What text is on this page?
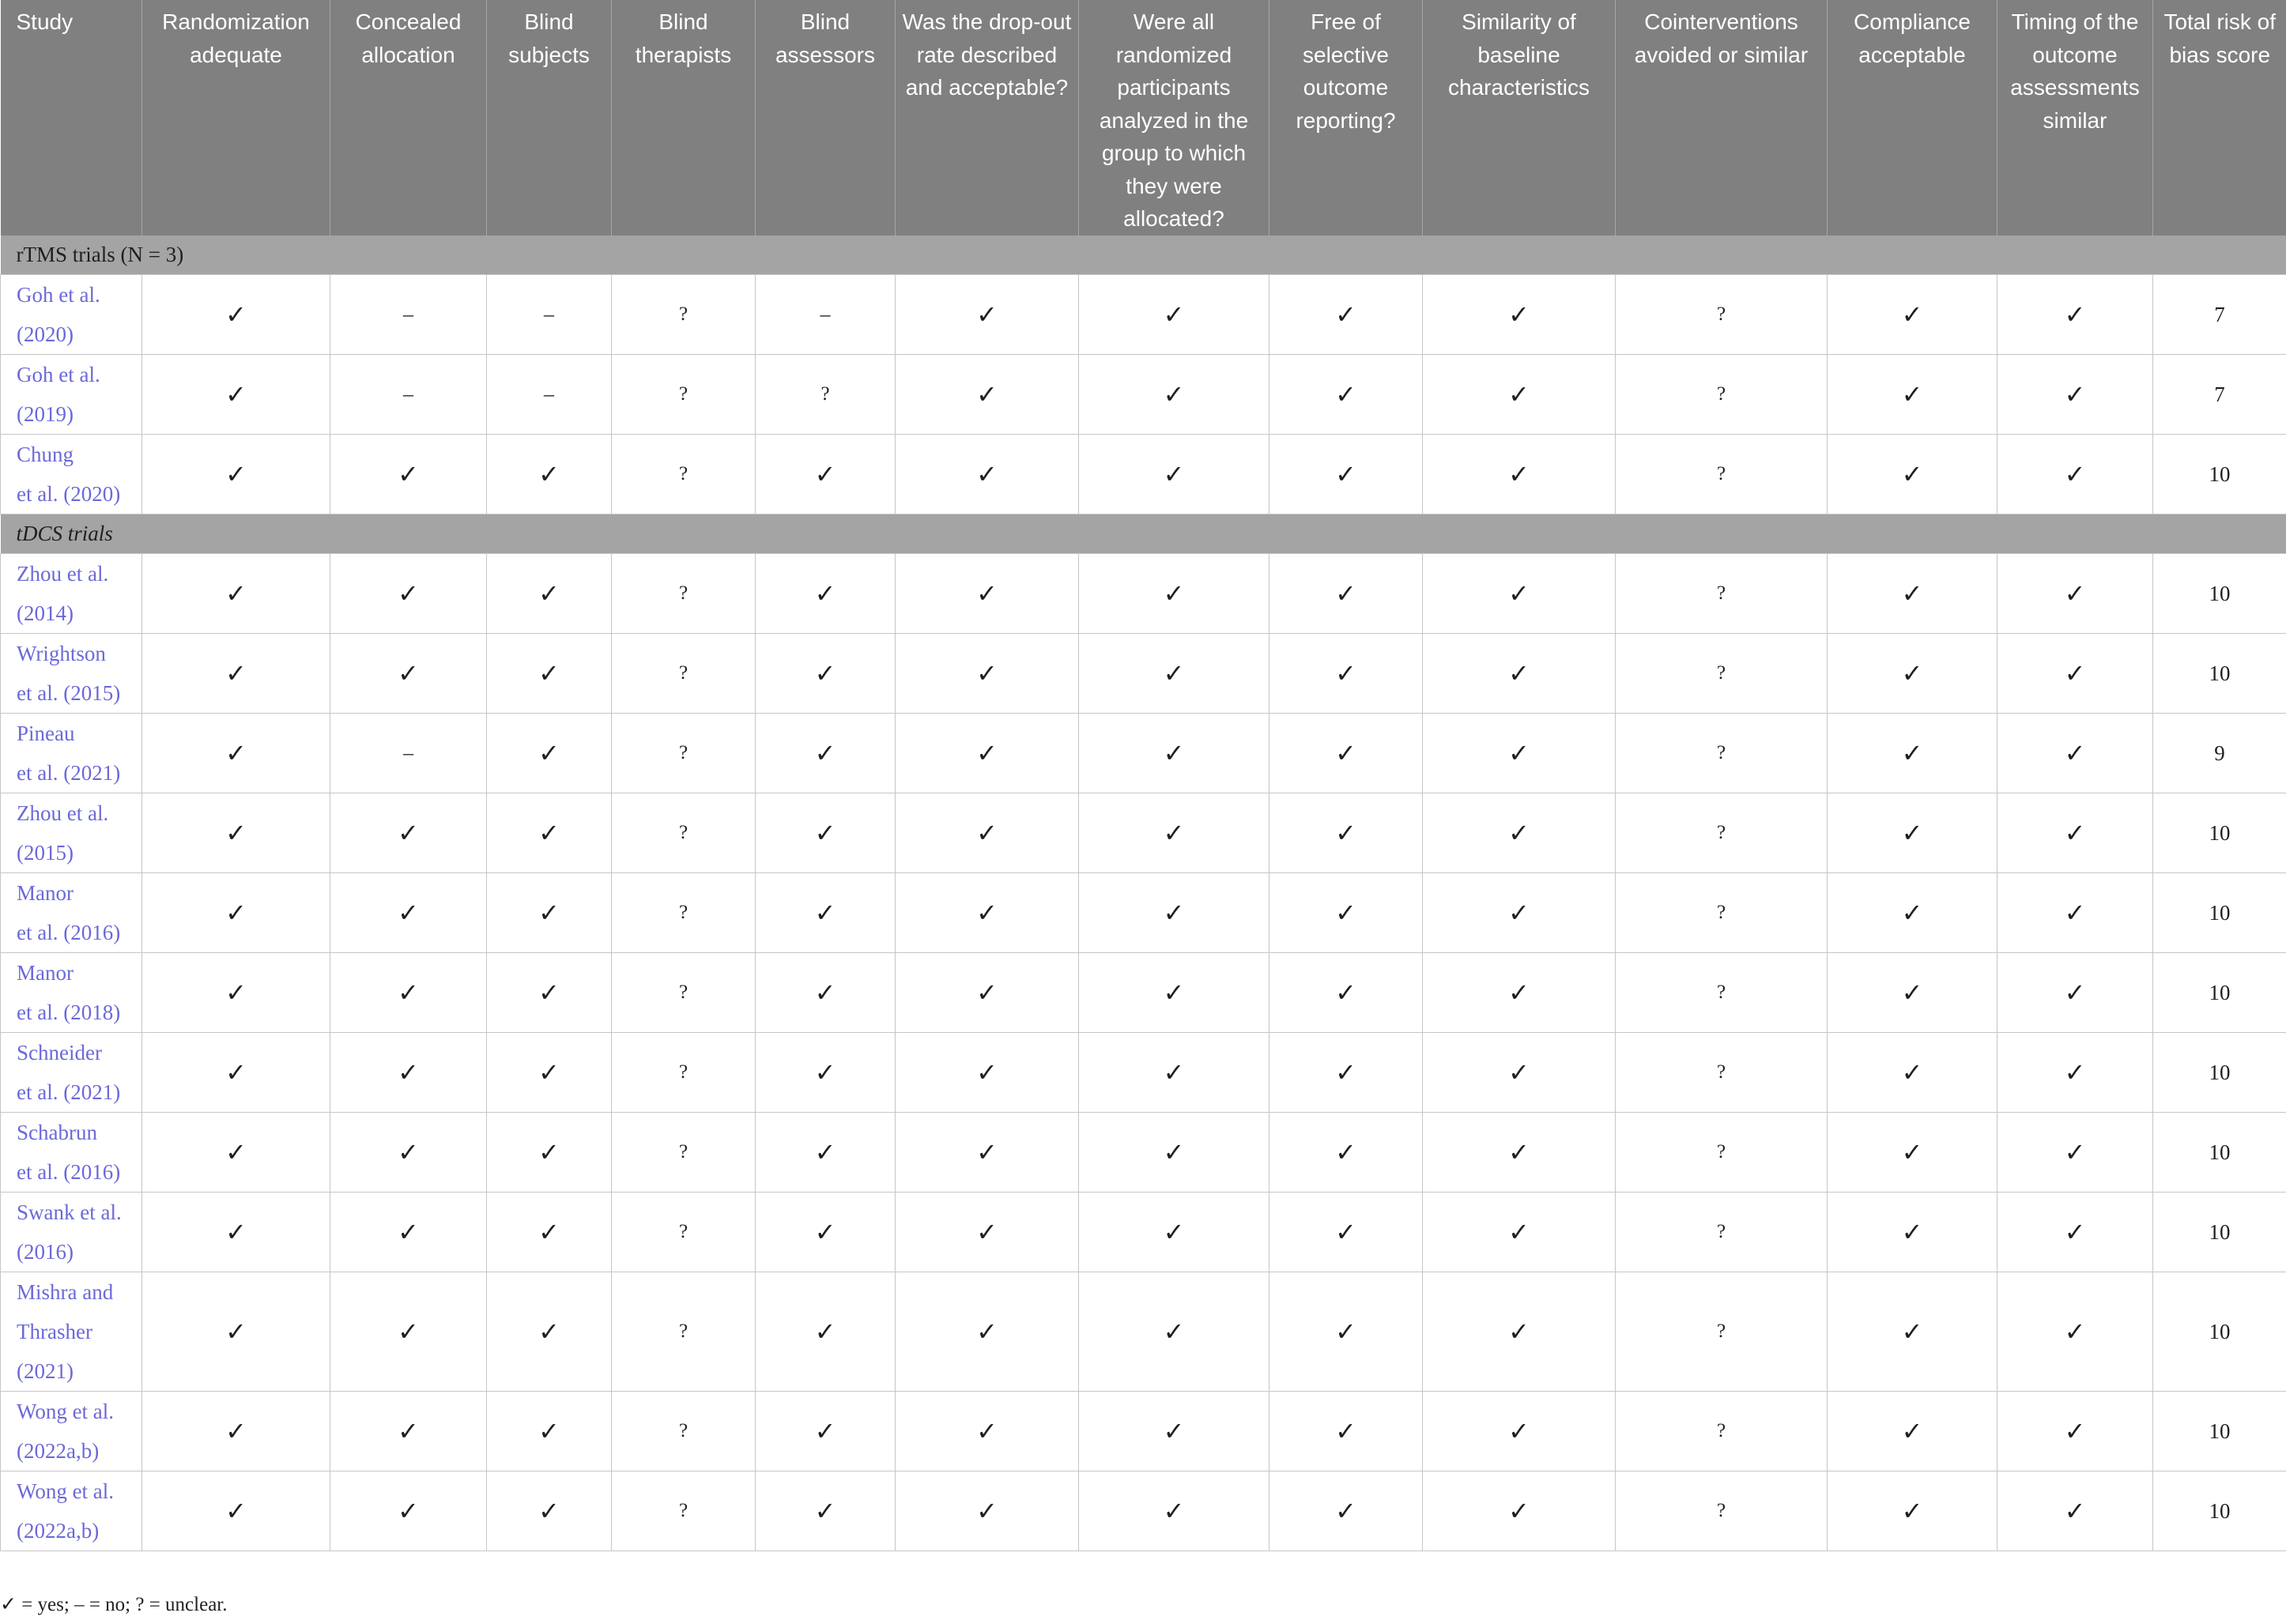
Study	Randomization adequate	Concealed allocation	Blind subjects	Blind therapists	Blind assessors	Was the drop-out rate described and acceptable?	Were all randomized participants analyzed in the group to which they were allocated?	Free of selective outcome reporting?	Similarity of baseline characteristics	Cointerventions avoided or similar	Compliance acceptable	Timing of the outcome assessments similar	Total risk of bias score
rTMS trials (N = 3)													
Goh et al.
(2020)	✓	–	–	?	–	✓	✓	✓	✓	?	✓	✓	7
Goh et al.
(2019)	✓	–	–	?	?	✓	✓	✓	✓	?	✓	✓	7
Chung
et al. (2020)	✓	✓	✓	?	✓	✓	✓	✓	✓	?	✓	✓	10
tDCS trials													
Zhou et al.
(2014)	✓	✓	✓	?	✓	✓	✓	✓	✓	?	✓	✓	10
Wrightson
et al. (2015)	✓	✓	✓	?	✓	✓	✓	✓	✓	?	✓	✓	10
Pineau
et al. (2021)	✓	–	✓	?	✓	✓	✓	✓	✓	?	✓	✓	9
Zhou et al.
(2015)	✓	✓	✓	?	✓	✓	✓	✓	✓	?	✓	✓	10
Manor
et al. (2016)	✓	✓	✓	?	✓	✓	✓	✓	✓	?	✓	✓	10
Manor
et al. (2018)	✓	✓	✓	?	✓	✓	✓	✓	✓	?	✓	✓	10
Schneider
et al. (2021)	✓	✓	✓	?	✓	✓	✓	✓	✓	?	✓	✓	10
Schabrun
et al. (2016)	✓	✓	✓	?	✓	✓	✓	✓	✓	?	✓	✓	10
Swank et al.
(2016)	✓	✓	✓	?	✓	✓	✓	✓	✓	?	✓	✓	10
Mishra and
Thrasher
(2021)	✓	✓	✓	?	✓	✓	✓	✓	✓	?	✓	✓	10
Wong et al.
(2022a,b)	✓	✓	✓	?	✓	✓	✓	✓	✓	?	✓	✓	10
Wong et al.
(2022a,b)	✓	✓	✓	?	✓	✓	✓	✓	✓	?	✓	✓	10
✓ = yes; – = no; ? = unclear.
